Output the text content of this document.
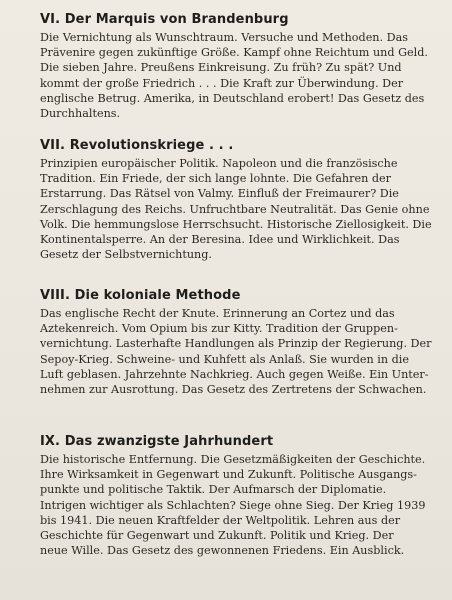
VI. Der Marquis von Brandenburg
Die Vernichtung als Wunschtraum. Versuche und Methoden. Das
Prävenire gegen zukünftige Größe. Kampf ohne Reichtum und Geld.
Die sieben Jahre. Preußens Einkreisung. Zu früh? Zu spät? Und
kommt der große Friedrich . . . Die Kraft zur Überwindung. Der
englische Betrug. Amerika, in Deutschland erobert! Das Gesetz des
Durchhaltens.
VII. Revolutionskriege . . .
Prinzipien europäischer Politik. Napoleon und die französische
Tradition. Ein Friede, der sich lange lohnte. Die Gefahren der
Erstarrung. Das Rätsel von Valmy. Einfluß der Freimaurer? Die
Zerschlagung des Reichs. Unfruchtbare Neutralität. Das Genie ohne
Volk. Die hemmungslose Herrschsucht. Historische Ziellosigkeit. Die
Kontinentalsperre. An der Beresina. Idee und Wirklichkeit. Das
Gesetz der Selbstvernichtung.
VIII. Die koloniale Methode
Das englische Recht der Knute. Erinnerung an Cortez und das
Aztekenreich. Vom Opium bis zur Kitty. Tradition der Gruppen-
vernichtung. Lasterhafte Handlungen als Prinzip der Regierung. Der
Sepoy-Krieg. Schweine- und Kuhfett als Anlaß. Sie wurden in die
Luft geblasen. Jahrzehnte Nachkrieg. Auch gegen Weiße. Ein Unter-
nehmen zur Ausrottung. Das Gesetz des Zertretens der Schwachen.
IX. Das zwanzigste Jahrhundert
Die historische Entfernung. Die Gesetzmäßigkeiten der Geschichte.
Ihre Wirksamkeit in Gegenwart und Zukunft. Politische Ausgangs-
punkte und politische Taktik. Der Aufmarsch der Diplomatie.
Intrigen wichtiger als Schlachten? Siege ohne Sieg. Der Krieg 1939
bis 1941. Die neuen Kraftfelder der Weltpolitik. Lehren aus der
Geschichte für Gegenwart und Zukunft. Politik und Krieg. Der
neue Wille. Das Gesetz des gewonnenen Friedens. Ein Ausblick.
